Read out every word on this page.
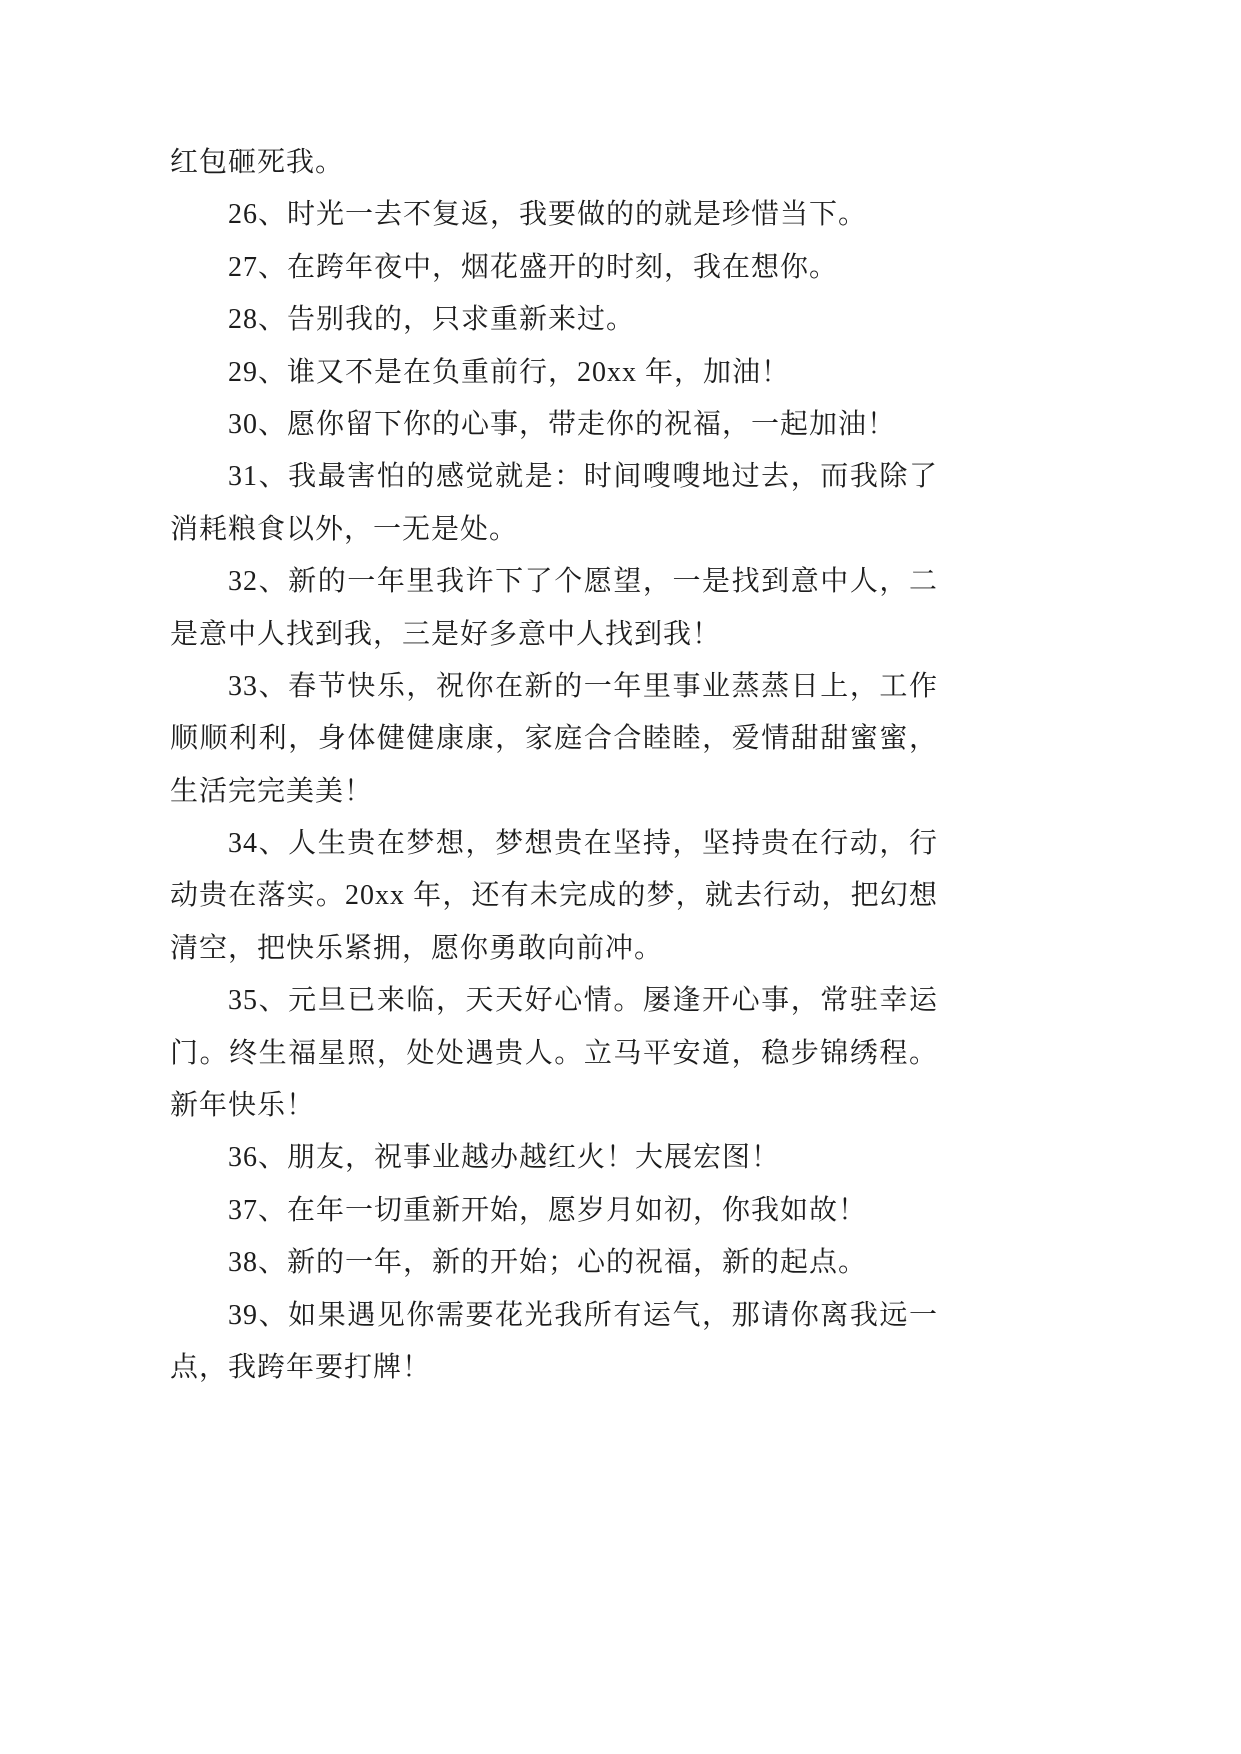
红包砸死我。
26、时光一去不复返，我要做的的就是珍惜当下。
27、在跨年夜中，烟花盛开的时刻，我在想你。
28、告别我的，只求重新来过。
29、谁又不是在负重前行，20xx 年，加油！
30、愿你留下你的心事，带走你的祝福，一起加油！
31、我最害怕的感觉就是：时间嗖嗖地过去，而我除了
消耗粮食以外，一无是处。
32、新的一年里我许下了个愿望，一是找到意中人，二
是意中人找到我，三是好多意中人找到我！
33、春节快乐，祝你在新的一年里事业蒸蒸日上，工作
顺顺利利，身体健健康康，家庭合合睦睦，爱情甜甜蜜蜜，
生活完完美美！
34、人生贵在梦想，梦想贵在坚持，坚持贵在行动，行
动贵在落实。20xx 年，还有未完成的梦，就去行动，把幻想
清空，把快乐紧拥，愿你勇敢向前冲。
35、元旦已来临，天天好心情。屡逢开心事，常驻幸运
门。终生福星照，处处遇贵人。立马平安道，稳步锦绣程。
新年快乐！
36、朋友，祝事业越办越红火！大展宏图！
37、在年一切重新开始，愿岁月如初，你我如故！
38、新的一年，新的开始；心的祝福，新的起点。
39、如果遇见你需要花光我所有运气，那请你离我远一
点，我跨年要打牌！
